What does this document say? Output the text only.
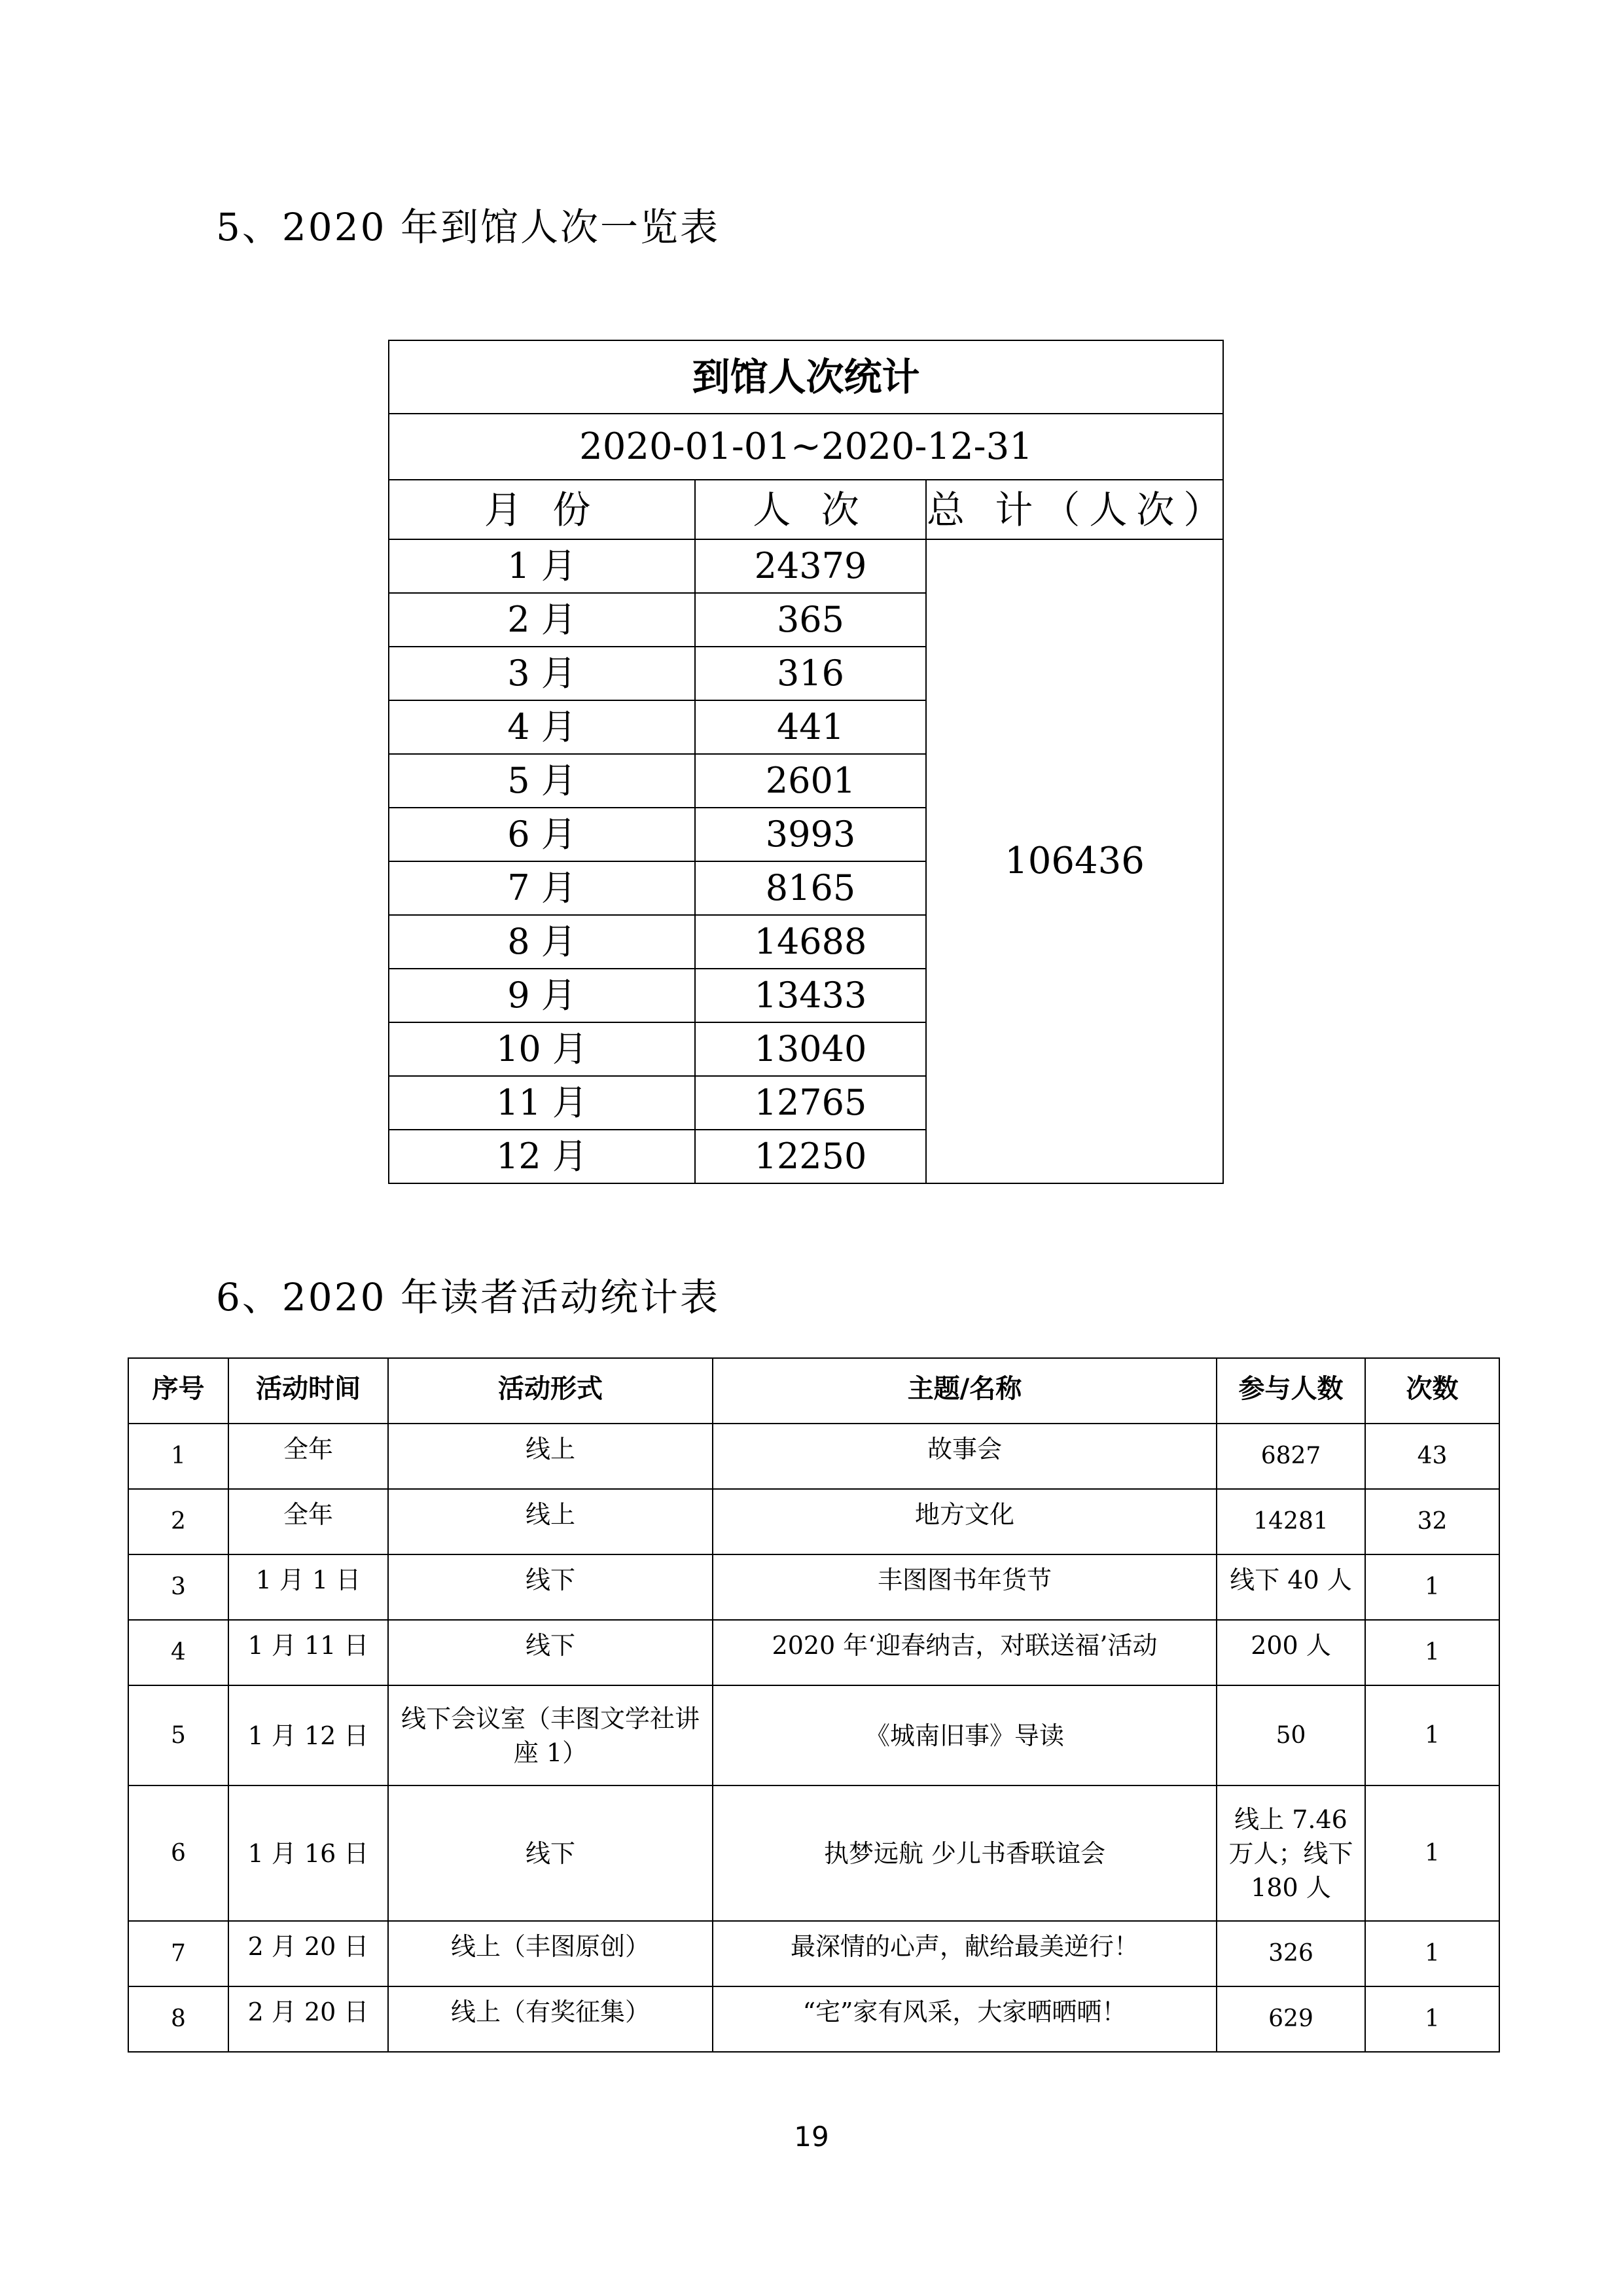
5、2020 年到馆人次一览表
到馆人次统计		
2020-01-01~2020-12-31		
月 份	人 次	总 计（人次）
1 月	24379	106436
2 月	365	
3 月	316	
4 月	441	
5 月	2601	
6 月	3993	
7 月	8165	
8 月	14688	
9 月	13433	
10 月	13040	
11 月	12765	
12 月	12250	
6、2020 年读者活动统计表
序号	活动时间	活动形式	主题/名称	参与人数	次数
1	全年	线上	故事会	6827	43
2	全年	线上	地方文化	14281	32
3	1 月 1 日	线下	丰图图书年货节	线下 40 人	1
4	1 月 11 日	线下	2020 年‘迎春纳吉，对联送福’活动	200 人	1
5	1 月 12 日	线下会议室（丰图文学社讲座 1）	《城南旧事》导读	50	1
6	1 月 16 日	线下	执梦远航 少儿书香联谊会	线上 7.46 万人；线下 180 人	1
7	2 月 20 日	线上（丰图原创）	最深情的心声，献给最美逆行！	326	1
8	2 月 20 日	线上（有奖征集）	“宅”家有风采，大家晒晒晒！	629	1
19
